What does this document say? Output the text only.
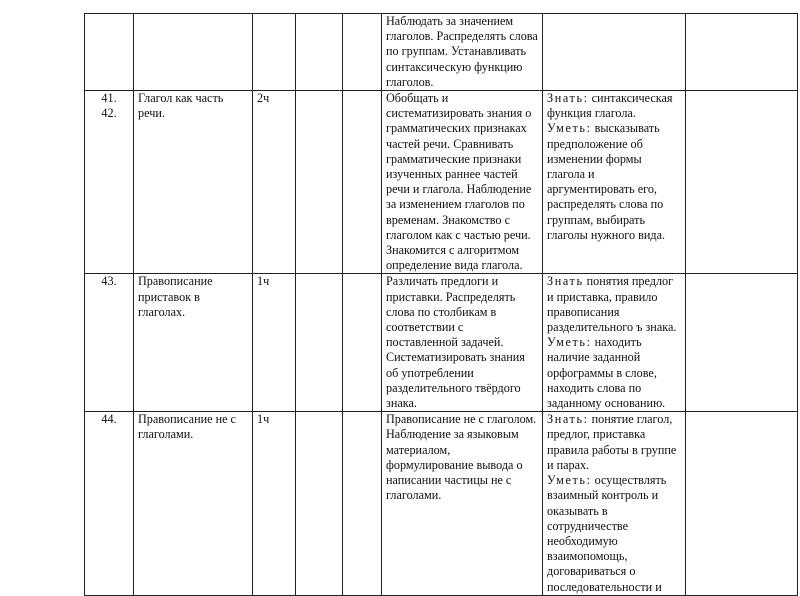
					Наблюдать за значением глаголов. Распределять слова по группам. Устанавливать синтаксическую функцию глаголов.		

41.
42.	Глагол как часть речи.	2ч			Обобщать и систематизировать знания о грамматических признаках частей речи. Сравнивать грамматические признаки изученных раннее частей речи и глагола. Наблюдение за изменением глаголов по временам. Знакомство с глаголом как с частью речи. Знакомится с алгоритмом определение вида глагола.	Знать: синтаксическая функция глагола.
Уметь: высказывать предположение об изменении формы глагола и аргументировать его, распределять слова по группам, выбирать глаголы нужного вида.	

43.	Правописание приставок в глаголах.	1ч			Различать предлоги и приставки. Распределять слова по столбикам в соответствии с поставленной задачей. Систематизировать знания об употреблении разделительного твёрдого знака.	Знать понятия предлог и приставка, правило правописания разделительного ъ знака.
Уметь: находить наличие заданной орфограммы в слове, находить слова по заданному основанию.	

44.	Правописание не с глаголами.	1ч			Правописание не с глаголом. Наблюдение за языковым материалом, формулирование вывода о написании частицы не с глаголами.	Знать: понятие глагол, предлог, приставка правила работы в группе и парах.
Уметь: осуществлять взаимный контроль и оказывать в сотрудничестве необходимую взаимопомощь, договариваться о последовательности и	
